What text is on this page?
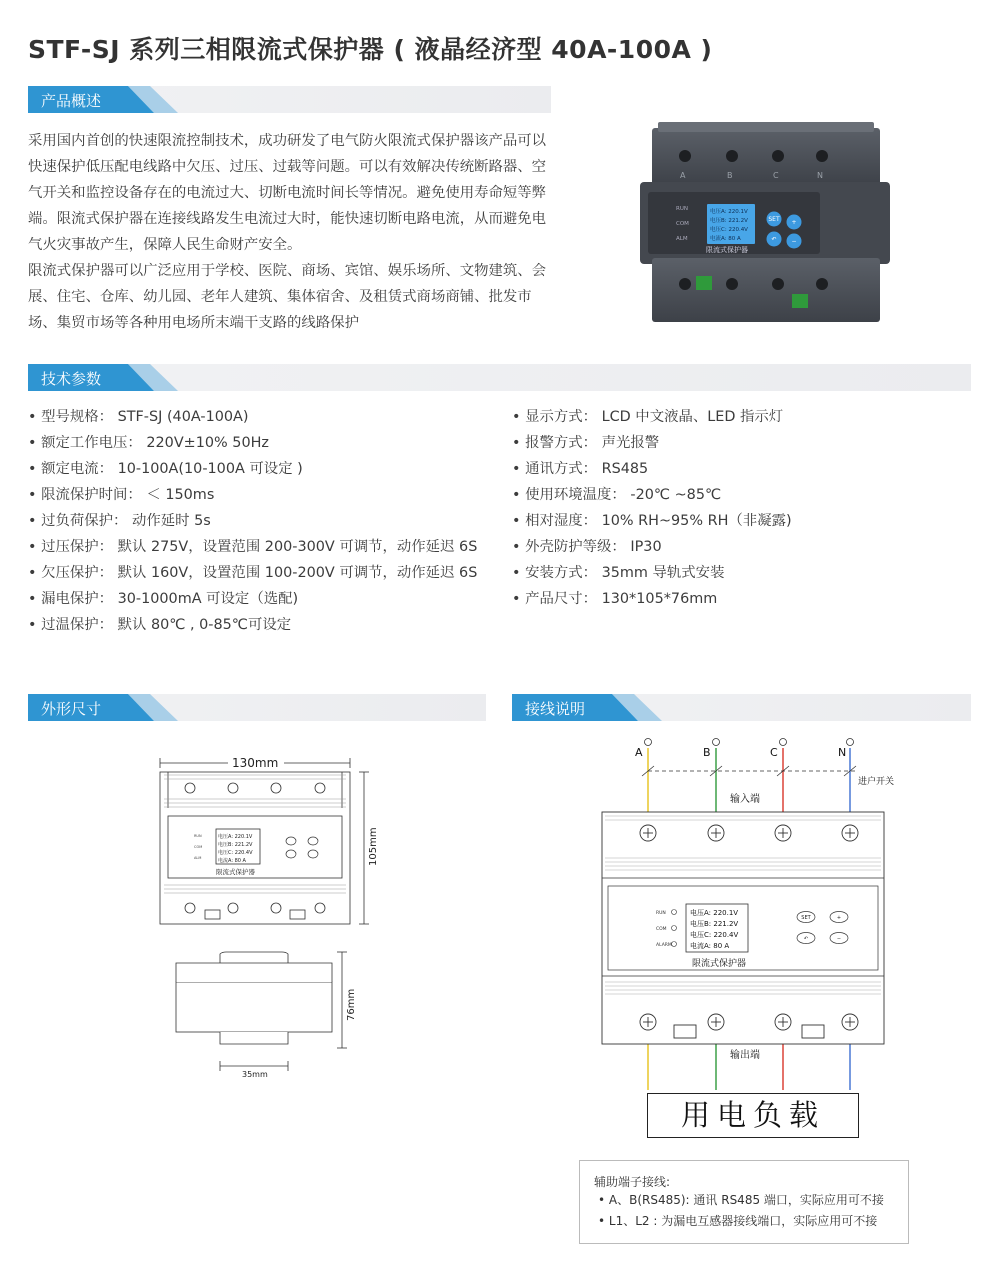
STF-SJ 系列三相限流式保护器 ( 液晶经济型 40A-100A )
产品概述

采用国内首创的快速限流控制技术，成功研发了电气防火限流式保护器该产品可以快速保护低压配电线路中欠压、过压、过载等问题。可以有效解决传统断路器、空气开关和监控设备存在的电流过大、切断电流时间长等情况。避免使用寿命短等弊端。限流式保护器在连接线路发生电流过大时，能快速切断电路电流，从而避免电气火灾事故产生，保障人民生命财产安全。

限流式保护器可以广泛应用于学校、医院、商场、宾馆、娱乐场所、文物建筑、会展、住宅、仓库、幼儿园、老年人建筑、集体宿舍、及租赁式商场商铺、批发市场、集贸市场等各种用电场所末端干支路的线路保护

A	B	C	N
RUN
COM
ALM
电压A: 220.1V
电压B: 221.2V
电压C: 220.4V
电流A: 80 A
SET +
↶ −
限流式保护器
技术参数
• 型号规格： STF-SJ (40A-100A)
• 额定工作电压： 220V±10% 50Hz
• 额定电流： 10-100A(10-100A 可设定 )
• 限流保护时间： ＜ 150ms
• 过负荷保护： 动作延时 5s
• 过压保护： 默认 275V，设置范围 200-300V 可调节，动作延迟 6S
• 欠压保护： 默认 160V，设置范围 100-200V 可调节，动作延迟 6S
• 漏电保护： 30-1000mA 可设定（选配)
• 过温保护： 默认 80℃ , 0-85℃可设定
• 显示方式： LCD 中文液晶、LED 指示灯
• 报警方式： 声光报警
• 通讯方式： RS485
• 使用环境温度： -20℃ ~85℃
• 相对湿度： 10% RH~95% RH（非凝露)
• 外壳防护等级： IP30
• 安装方式： 35mm 导轨式安装
• 产品尺寸： 130*105*76mm
外形尺寸	接线说明
电压A: 220.1V
电压B: 221.2V
电压C: 220.4V
电流A: 80 A
RUN
COM
ALM
限流式保护器
130mm
105mm
76mm
35mm
A	B	C	N
进户开关
输入端
RUN
COM
ALARM
电压A: 220.1V
电压B: 221.2V
电压C: 220.4V
电流A: 80 A
SET	+
↶	−
限流式保护器
输出端
用电负载
辅助端子接线:
• A、B(RS485): 通讯 RS485 端口，实际应用可不接
• L1、L2 : 为漏电互感器接线端口，实际应用可不接
